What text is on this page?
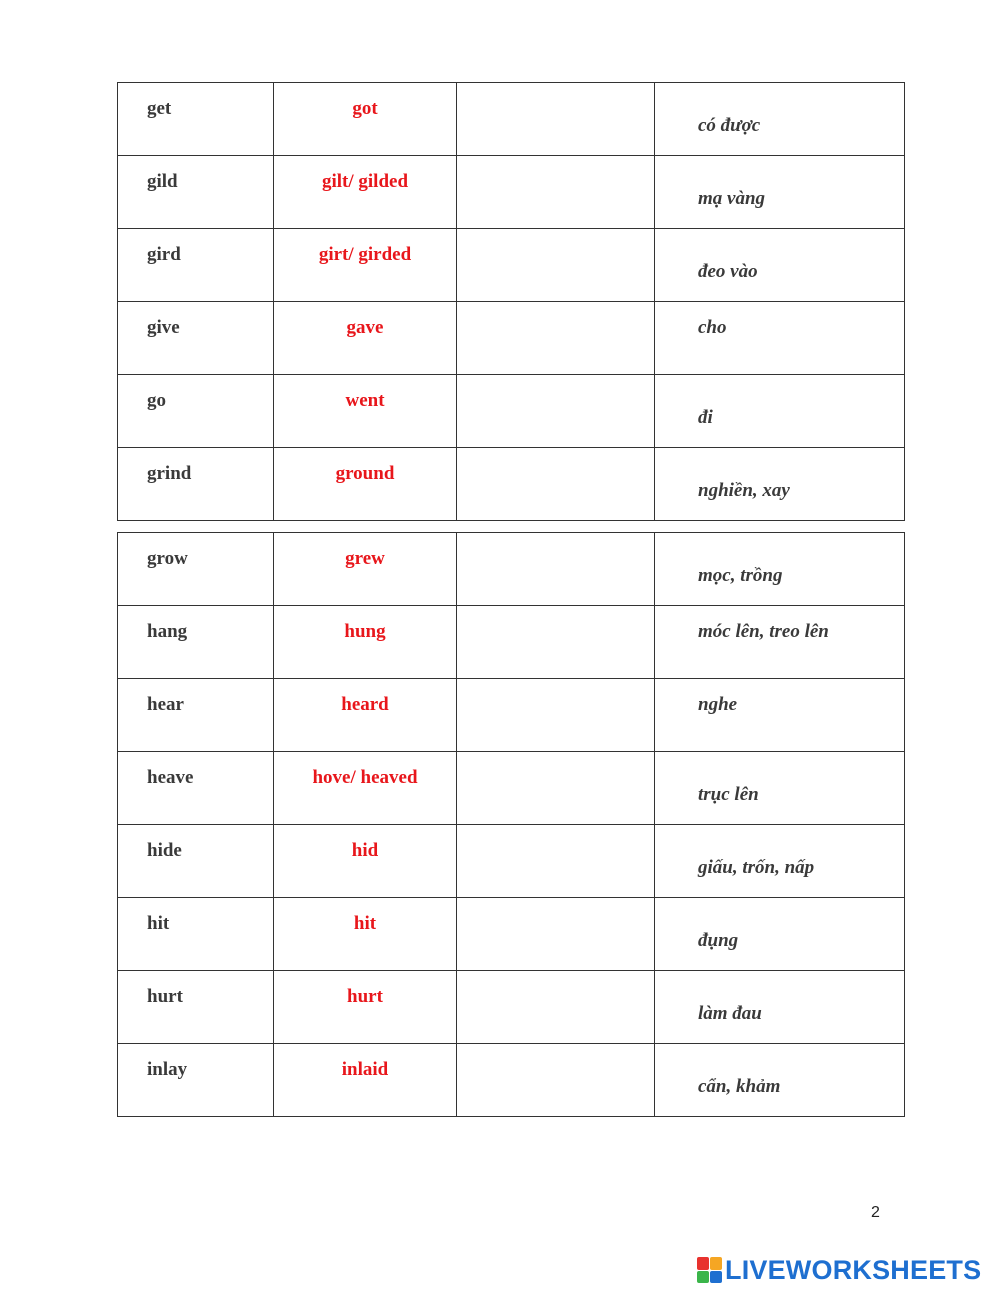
get	got		có được

gild	gilt/ gilded		mạ vàng

gird	girt/ girded		đeo vào

give	gave		cho

go	went		đi

grind	ground		nghiền, xay
grow	grew		mọc, trồng

hang	hung		móc lên, treo lên

hear	heard		nghe

heave	hove/ heaved		trục lên

hide	hid		giấu, trốn, nấp

hit	hit		đụng

hurt	hurt		làm đau

inlay	inlaid		cẩn, khảm
2
LIVEWORKSHEETS
